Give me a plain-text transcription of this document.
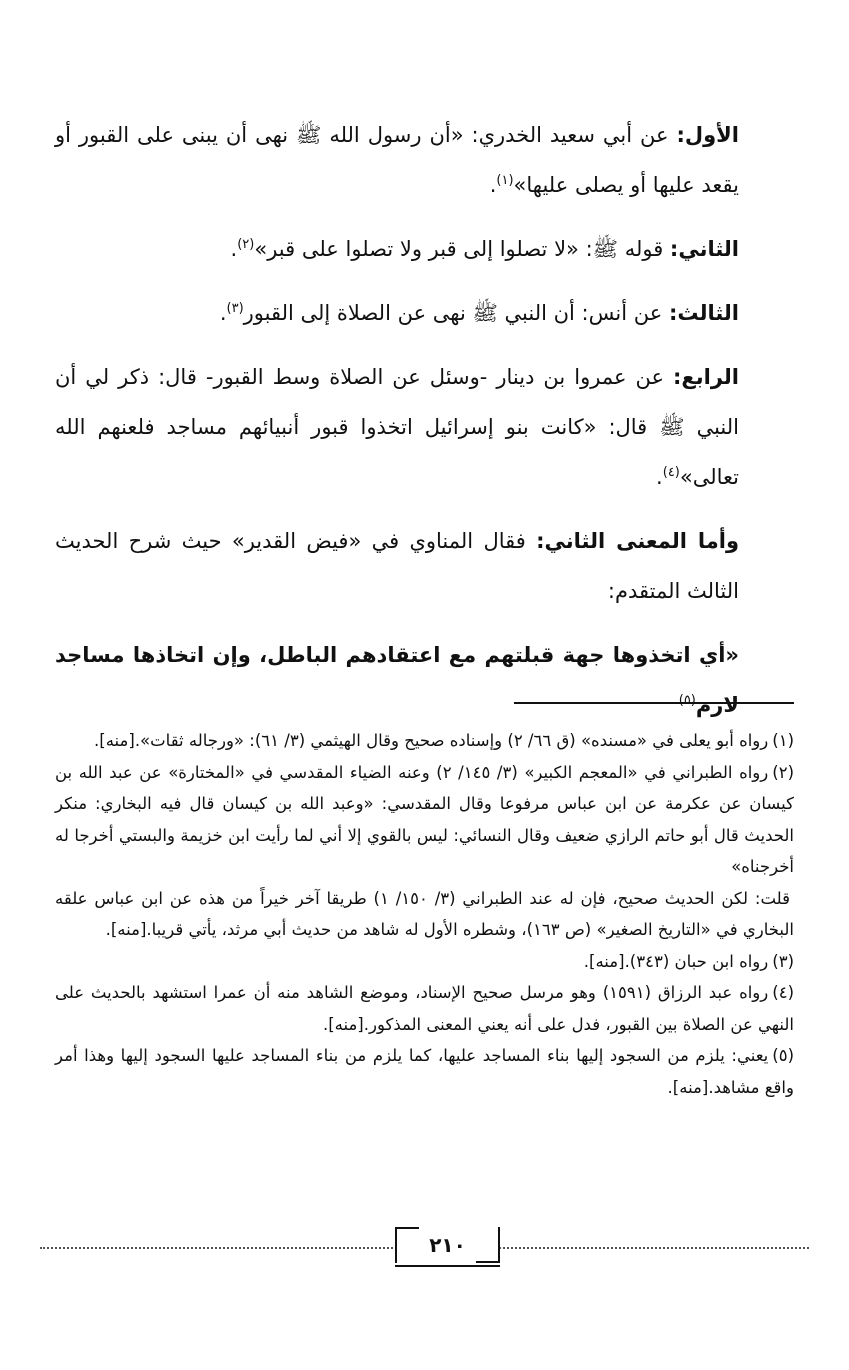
الأول: عن أبي سعيد الخدري: «أن رسول الله ﷺ نهى أن يبنى على القبور أو يقعد عليها أو يصلى عليها»$^{(١)}$.

الثاني: قوله ﷺ: «لا تصلوا إلى قبر ولا تصلوا على قبر»$^{(٢)}$.

الثالث: عن أنس: أن النبي ﷺ نهى عن الصلاة إلى القبور$^{(٣)}$.

الرابع: عن عمروا بن دينار -وسئل عن الصلاة وسط القبور- قال: ذكر لي أن النبي ﷺ قال: «كانت بنو إسرائيل اتخذوا قبور أنبيائهم مساجد فلعنهم الله تعالى»$^{(٤)}$.

وأما المعنى الثاني: فقال المناوي في «فيض القدير» حيث شرح الحديث الثالث المتقدم:

«أي اتخذوها جهة قبلتهم مع اعتقادهم الباطل، وإن اتخاذها مساجد لازم$^{(٥)}$

(١)رواه أبو يعلى في «مسنده» (ق ٦٦/ ٢) وإسناده صحيح وقال الهيثمي (٣/ ٦١): «ورجاله ثقات».[منه].

(٢)رواه الطبراني في «المعجم الكبير» (٣/ ١٤٥/ ٢) وعنه الضياء المقدسي في «المختارة» عن عبد الله بن كيسان عن عكرمة عن ابن عباس مرفوعا وقال المقدسي: «وعبد الله بن كيسان قال فيه البخاري: منكر الحديث قال أبو حاتم الرازي ضعيف وقال النسائي: ليس بالقوي إلا أني لما رأيت ابن خزيمة والبستي أخرجا له أخرجناه»

قلت: لكن الحديث صحيح، فإن له عند الطبراني (٣/ ١٥٠/ ١) طريقا آخر خيراً من هذه عن ابن عباس علقه البخاري في «التاريخ الصغير» (ص ١٦٣)، وشطره الأول له شاهد من حديث أبي مرثد، يأتي قريبا.[منه].

(٣)رواه ابن حبان (٣٤٣).[منه].

(٤)رواه عبد الرزاق (١٥٩١) وهو مرسل صحيح الإسناد، وموضع الشاهد منه أن عمرا استشهد بالحديث على النهي عن الصلاة بين القبور، فدل على أنه يعني المعنى المذكور.[منه].

(٥)يعني: يلزم من السجود إليها بناء المساجد عليها، كما يلزم من بناء المساجد عليها السجود إليها وهذا أمر واقع مشاهد.[منه].

٢١٠
